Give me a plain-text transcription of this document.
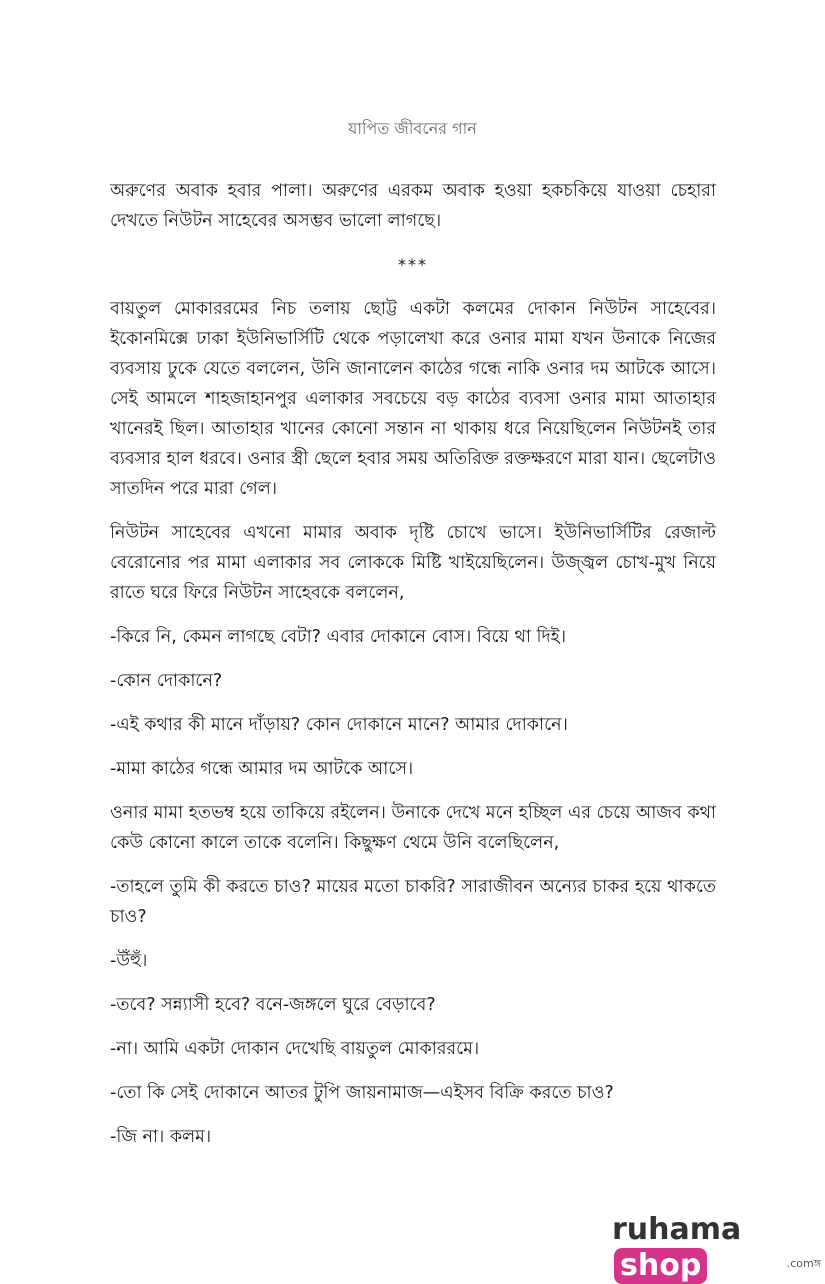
যাপিত জীবনের গান

অরুণের অবাক হবার পালা। অরুণের এরকম অবাক হওয়া হকচকিয়ে যাওয়া চেহারা দেখতে নিউটন সাহেবের অসম্ভব ভালো লাগছে।

***

বায়তুল মোকাররমের নিচ তলায় ছোট্ট একটা কলমের দোকান নিউটন সাহেবের। ইকোনমিক্সে ঢাকা ইউনিভার্সিটি থেকে পড়ালেখা করে ওনার মামা যখন উনাকে নিজের ব্যবসায় ঢুকে যেতে বললেন, উনি জানালেন কাঠের গন্ধে নাকি ওনার দম আটকে আসে। সেই আমলে শাহজাহানপুর এলাকার সবচেয়ে বড় কাঠের ব্যবসা ওনার মামা আতাহার খানেরই ছিল। আতাহার খানের কোনো সন্তান না থাকায় ধরে নিয়েছিলেন নিউটনই তার ব্যবসার হাল ধরবে। ওনার স্ত্রী ছেলে হবার সময় অতিরিক্ত রক্তক্ষরণে মারা যান। ছেলেটাও সাতদিন পরে মারা গেল।

নিউটন সাহেবের এখনো মামার অবাক দৃষ্টি চোখে ভাসে। ইউনিভার্সিটির রেজাল্ট বেরোনোর পর মামা এলাকার সব লোককে মিষ্টি খাইয়েছিলেন। উজ্জ্বল চোখ-মুখ নিয়ে রাতে ঘরে ফিরে নিউটন সাহেবকে বললেন,

-কিরে নি, কেমন লাগছে বেটা? এবার দোকানে বোস। বিয়ে থা দিই।

-কোন দোকানে?

-এই কথার কী মানে দাঁড়ায়? কোন দোকানে মানে? আমার দোকানে।

-মামা কাঠের গন্ধে আমার দম আটকে আসে।

ওনার মামা হতভম্ব হয়ে তাকিয়ে রইলেন। উনাকে দেখে মনে হচ্ছিল এর চেয়ে আজব কথা কেউ কোনো কালে তাকে বলেনি। কিছুক্ষণ থেমে উনি বলেছিলেন,

-তাহলে তুমি কী করতে চাও? মায়ের মতো চাকরি? সারাজীবন অন্যের চাকর হয়ে থাকতে চাও?

-উঁহুঁ।

-তবে? সন্ন্যাসী হবে? বনে-জঙ্গলে ঘুরে বেড়াবে?

-না। আমি একটা দোকান দেখেছি বায়তুল মোকাররমে।

-তো কি সেই দোকানে আতর টুপি জায়নামাজ—এইসব বিক্রি করতে চাও?

-জি না। কলম।

ruhamashop	.comঙ্গ
